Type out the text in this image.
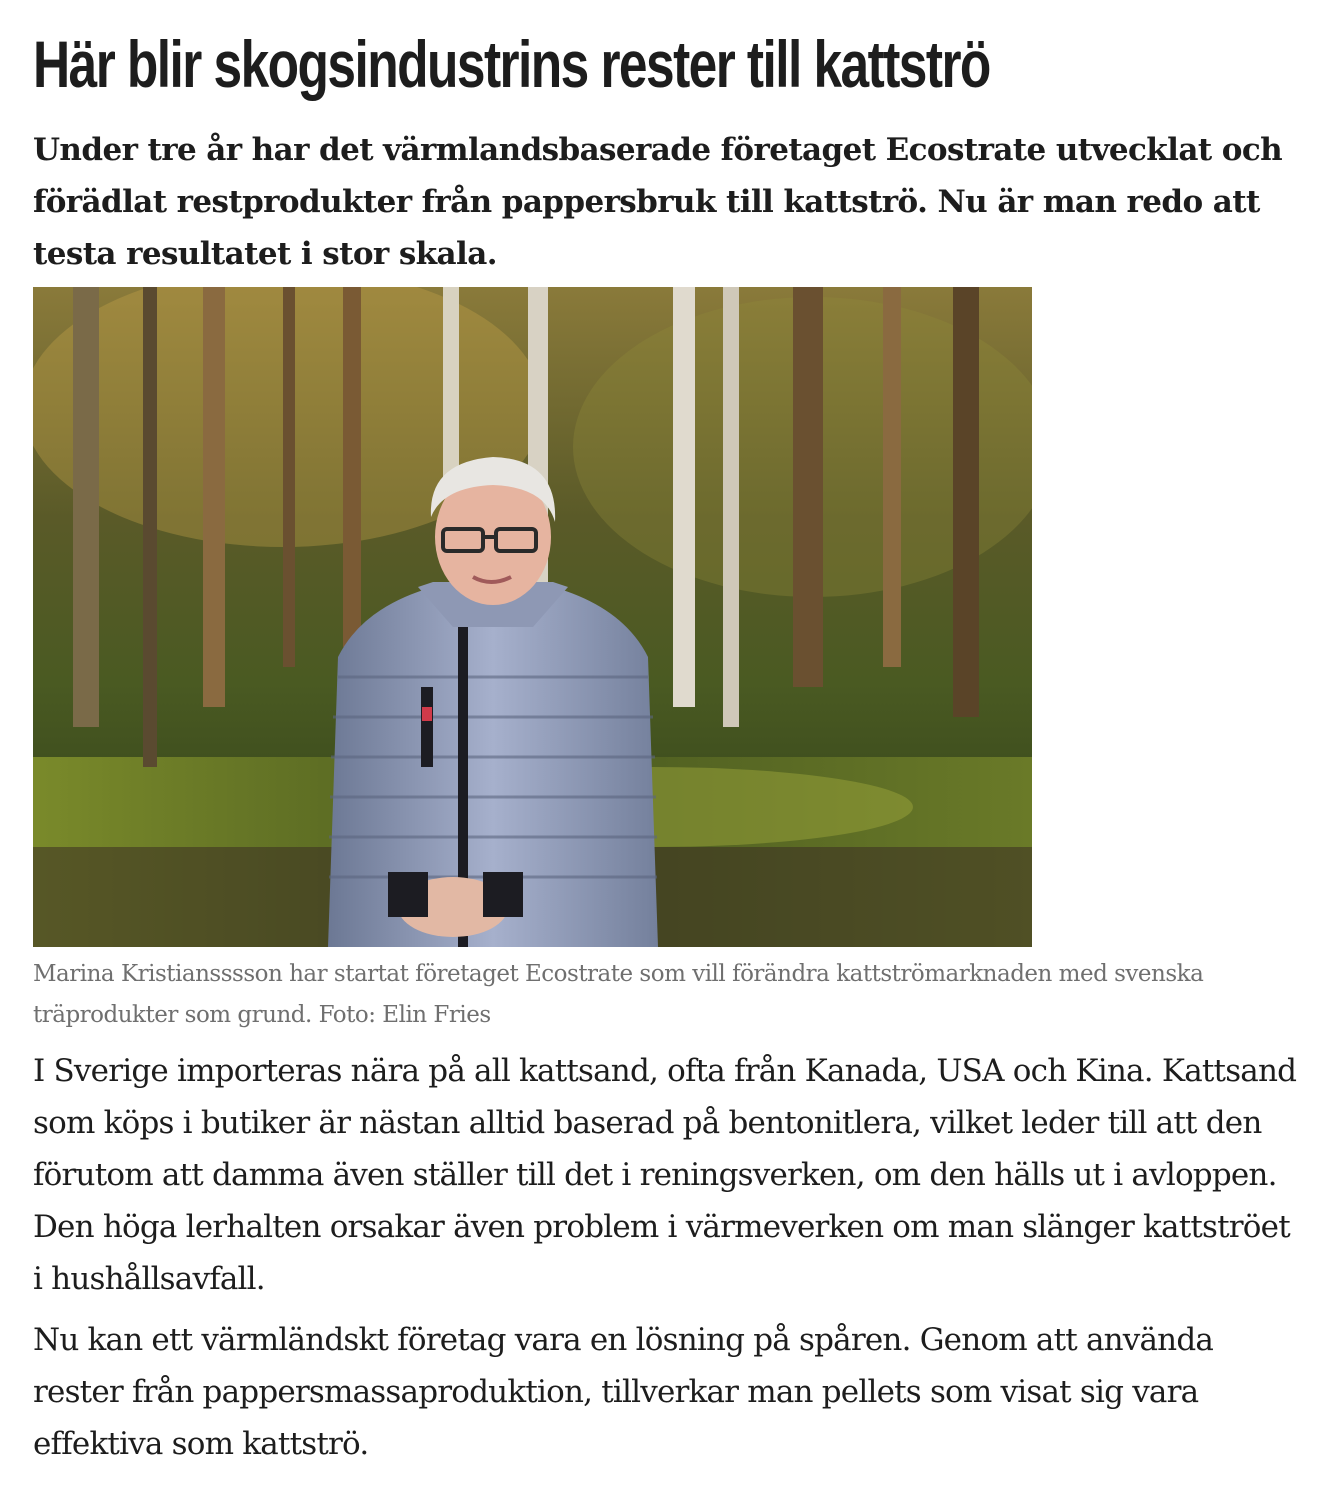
Här blir skogsindustrins rester till kattströ

Under tre år har det värmlandsbaserade företaget Ecostrate utvecklat och förädlat restprodukter från pappersbruk till kattströ. Nu är man redo att testa resultatet i stor skala.

Marina Kristiansssson har startat företaget Ecostrate som vill förändra kattströmarknaden med svenska träprodukter som grund. Foto: Elin Fries

I Sverige importeras nära på all kattsand, ofta från Kanada, USA och Kina. Kattsand som köps i butiker är nästan alltid baserad på bentonitlera, vilket leder till att den förutom att damma även ställer till det i reningsverken, om den hälls ut i avloppen. Den höga lerhalten orsakar även problem i värmeverken om man slänger kattströet i hushållsavfall.

Nu kan ett värmländskt företag vara en lösning på spåren. Genom att använda rester från pappersmassaproduktion, tillverkar man pellets som visat sig vara effektiva som kattströ.
